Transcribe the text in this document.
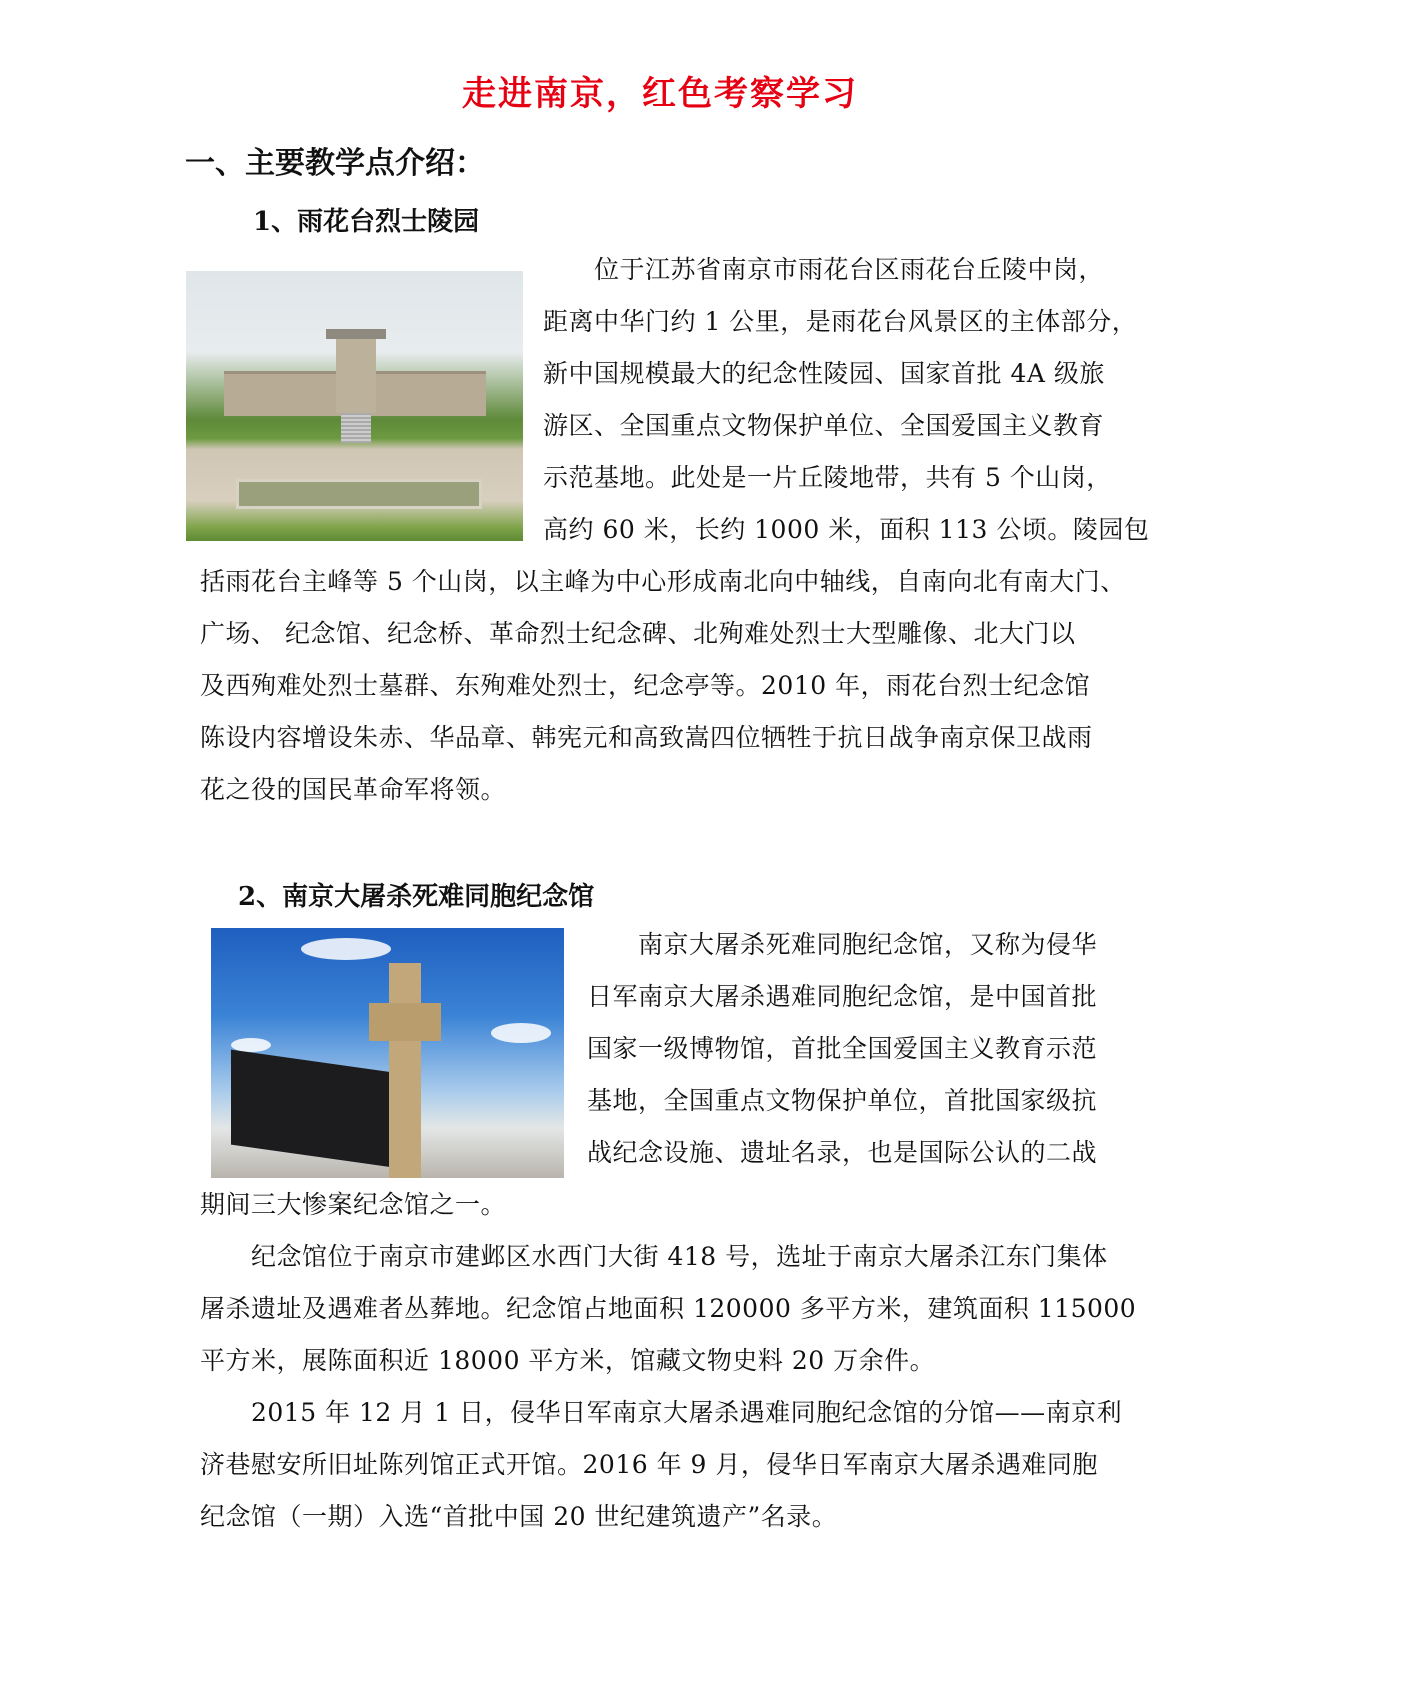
走进南京，红色考察学习
一、主要教学点介绍：
1、雨花台烈士陵园
　　位于江苏省南京市雨花台区雨花台丘陵中岗，
距离中华门约 1 公里，是雨花台风景区的主体部分，
新中国规模最大的纪念性陵园、国家首批 4A 级旅
游区、全国重点文物保护单位、全国爱国主义教育
示范基地。此处是一片丘陵地带，共有 5 个山岗，
高约 60 米，长约 1000 米，面积 113 公顷。陵园包
括雨花台主峰等 5 个山岗，以主峰为中心形成南北向中轴线，自南向北有南大门、
广场、 纪念馆、纪念桥、革命烈士纪念碑、北殉难处烈士大型雕像、北大门以
及西殉难处烈士墓群、东殉难处烈士，纪念亭等。2010 年，雨花台烈士纪念馆
陈设内容增设朱赤、华品章、韩宪元和高致嵩四位牺牲于抗日战争南京保卫战雨
花之役的国民革命军将领。
2、南京大屠杀死难同胞纪念馆
　　南京大屠杀死难同胞纪念馆，又称为侵华
日军南京大屠杀遇难同胞纪念馆，是中国首批
国家一级博物馆，首批全国爱国主义教育示范
基地，全国重点文物保护单位，首批国家级抗
战纪念设施、遗址名录，也是国际公认的二战
期间三大惨案纪念馆之一。
　　纪念馆位于南京市建邺区水西门大街 418 号，选址于南京大屠杀江东门集体
屠杀遗址及遇难者丛葬地。纪念馆占地面积 120000 多平方米，建筑面积 115000
平方米，展陈面积近 18000 平方米，馆藏文物史料 20 万余件。
　　2015 年 12 月 1 日，侵华日军南京大屠杀遇难同胞纪念馆的分馆——南京利
济巷慰安所旧址陈列馆正式开馆。2016 年 9 月，侵华日军南京大屠杀遇难同胞
纪念馆（一期）入选“首批中国 20 世纪建筑遗产”名录。
